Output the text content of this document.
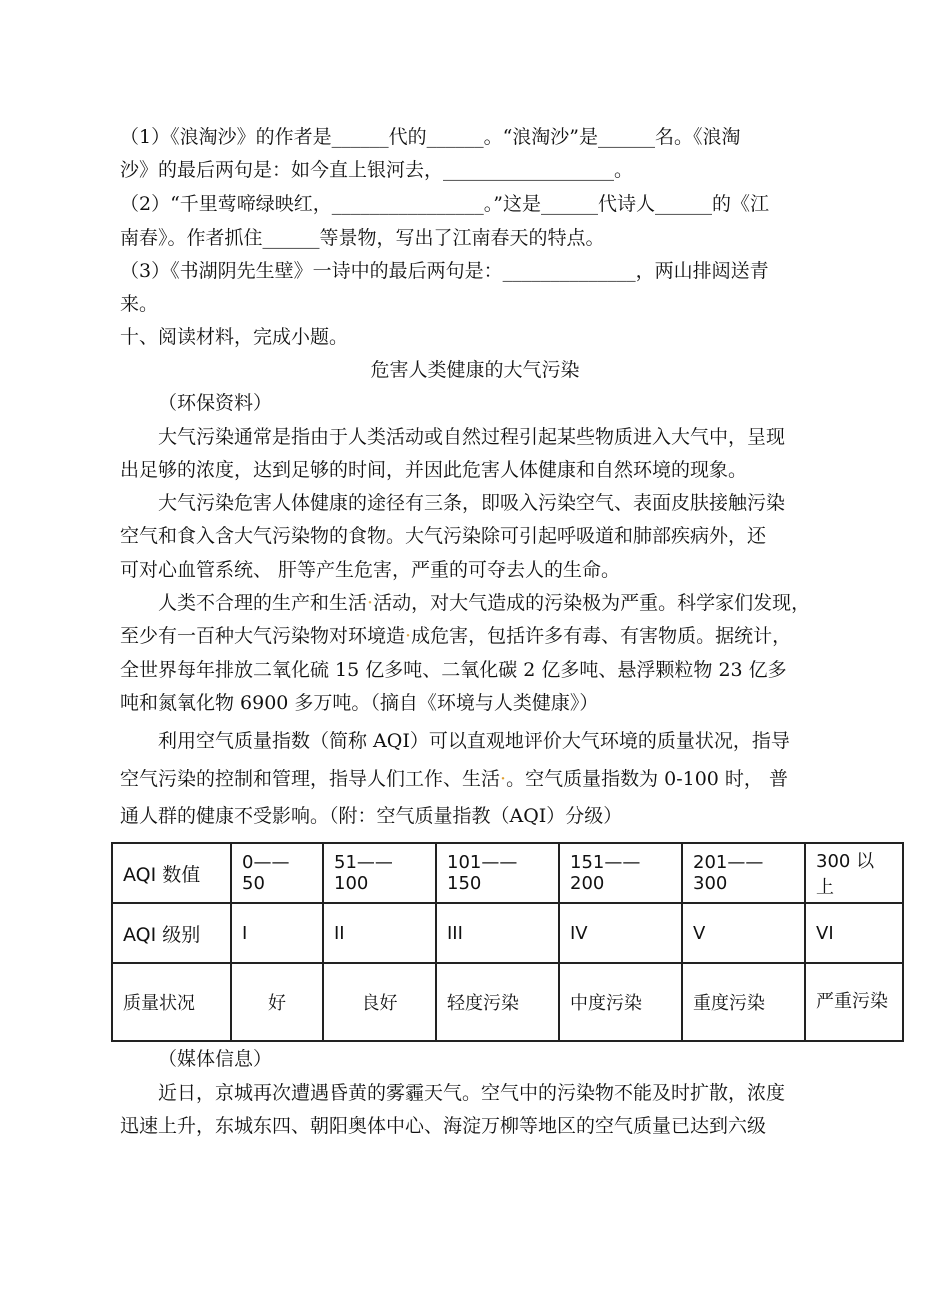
（1）《浪淘沙》的作者是______代的______。“浪淘沙”是______名。《浪淘
沙》的最后两句是：如今直上银河去，__________________。
（2）“千里莺啼绿映红，________________。”这是______代诗人______的《江
南春》。作者抓住______等景物，写出了江南春天的特点。
（3）《书湖阴先生壁》一诗中的最后两句是：______________，两山排闼送青
来。
十、阅读材料，完成小题。
危害人类健康的大气污染
（环保资料）
大气污染通常是指由于人类活动或自然过程引起某些物质进入大气中，呈现
出足够的浓度，达到足够的时间，并因此危害人体健康和自然环境的现象。
大气污染危害人体健康的途径有三条，即吸入污染空气、表面皮肤接触污染
空气和食入含大气污染物的食物。大气污染除可引起呼吸道和肺部疾病外，还
可对心血管系统、 肝等产生危害，严重的可夺去人的生命。
人类不合理的生产和生活·活动，对大气造成的污染极为严重。科学家们发现，
至少有一百种大气污染物对环境造·成危害，包括许多有毒、有害物质。据统计，
全世界每年排放二氧化硫 15 亿多吨、二氧化碳 2 亿多吨、悬浮颗粒物 23 亿多
吨和氮氧化物 6900 多万吨。（摘自《环境与人类健康》）
利用空气质量指数（简称 AQI）可以直观地评价大气环境的质量状况，指导
空气污染的控制和管理，指导人们工作、生活·。空气质量指数为 0-100 时， 普
通人群的健康不受影响。（附：空气质量指教（AQI）分级）
AQI 数值	0——50	51——100	101——150	151——200	201——300	300 以上
AQI 级别	I	II	III	IV	V	VI
质量状况	好	良好	轻度污染	中度污染	重度污染	严重污染
（媒体信息）
近日，京城再次遭遇昏黄的雾霾天气。空气中的污染物不能及时扩散，浓度
迅速上升，东城东四、朝阳奥体中心、海淀万柳等地区的空气质量已达到六级
